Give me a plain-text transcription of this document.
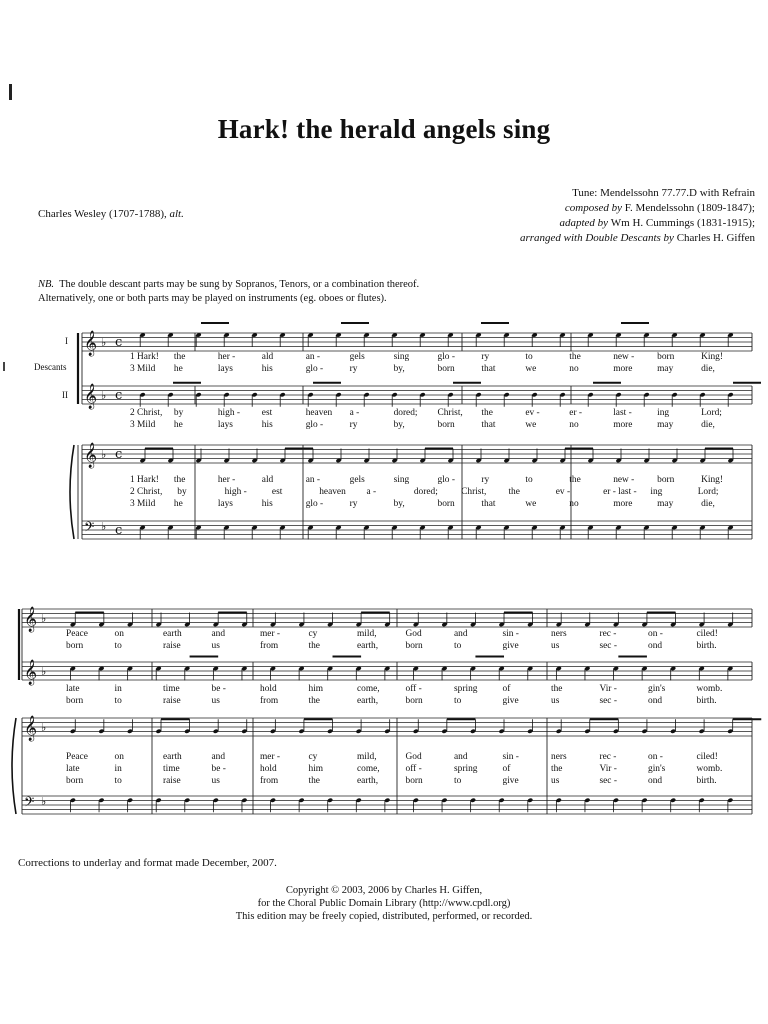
Hark! the herald angels sing
Charles Wesley (1707-1788), alt.
Tune: Mendelssohn 77.77.D with Refrain
composed by F. Mendelssohn (1809-1847);
adapted by Wm H. Cummings (1831-1915);
arranged with Double Descants by Charles H. Giffen
NB. The double descant parts may be sung by Sopranos, Tenors, or a combination thereof.
Alternatively, one or both parts may be played on instruments (eg. oboes or flutes).
I
Descants
II
𝄞 ♭ c
𝄞 ♭ c
𝄞 ♭ c
𝄢 ♭ c
𝄞 ♭
𝄞 ♭
𝄞 ♭
𝄢 ♭
1 Hark! the	her -	ald	an -	gels	sing	glo -	ry	to	the	new - born	King!
3 Mild he	lays	his	glo -	ry	by,	born	that	we	no	more	may	die,
2 Christ, by	high - est	heaven a -	dored; Christ, the	ev -	er -	last -	ing	Lord;
3 Mild he	lays	his	glo -	ry	by,	born	that	we	no	more	may	die,
1 Hark! the	her -	ald	an -	gels	sing	glo -	ry	to	the	new - born	King!
2 Christ, by	high -	est	heaven a -	dored; Christ, the	ev -	er - last - ing	Lord;
3 Mild he	lays	his	glo -	ry	by,	born	that	we	no	more	may	die,
Peace	on	earth	and	mer -	cy	mild,	God	and	sin -	ners	rec -	on -	ciled!
born	to	raise	us	from	the	earth,	born	to	give	us	sec -	ond	birth.
late	in	time	be -	hold	him	come,	off -	spring	of	the	Vir -	gin's	womb.
born	to	raise	us	from	the	earth,	born	to	give	us	sec -	ond	birth.
Peace	on	earth	and	mer -	cy	mild,	God	and	sin -	ners	rec -	on -	ciled!
late	in	time	be -	hold	him	come,	off -	spring	of	the	Vir -	gin's	womb.
born	to	raise	us	from	the	earth,	born	to	give	us	sec -	ond	birth.
Corrections to underlay and format made December, 2007.
Copyright © 2003, 2006 by Charles H. Giffen,
for the Choral Public Domain Library (http://www.cpdl.org)
This edition may be freely copied, distributed, performed, or recorded.
